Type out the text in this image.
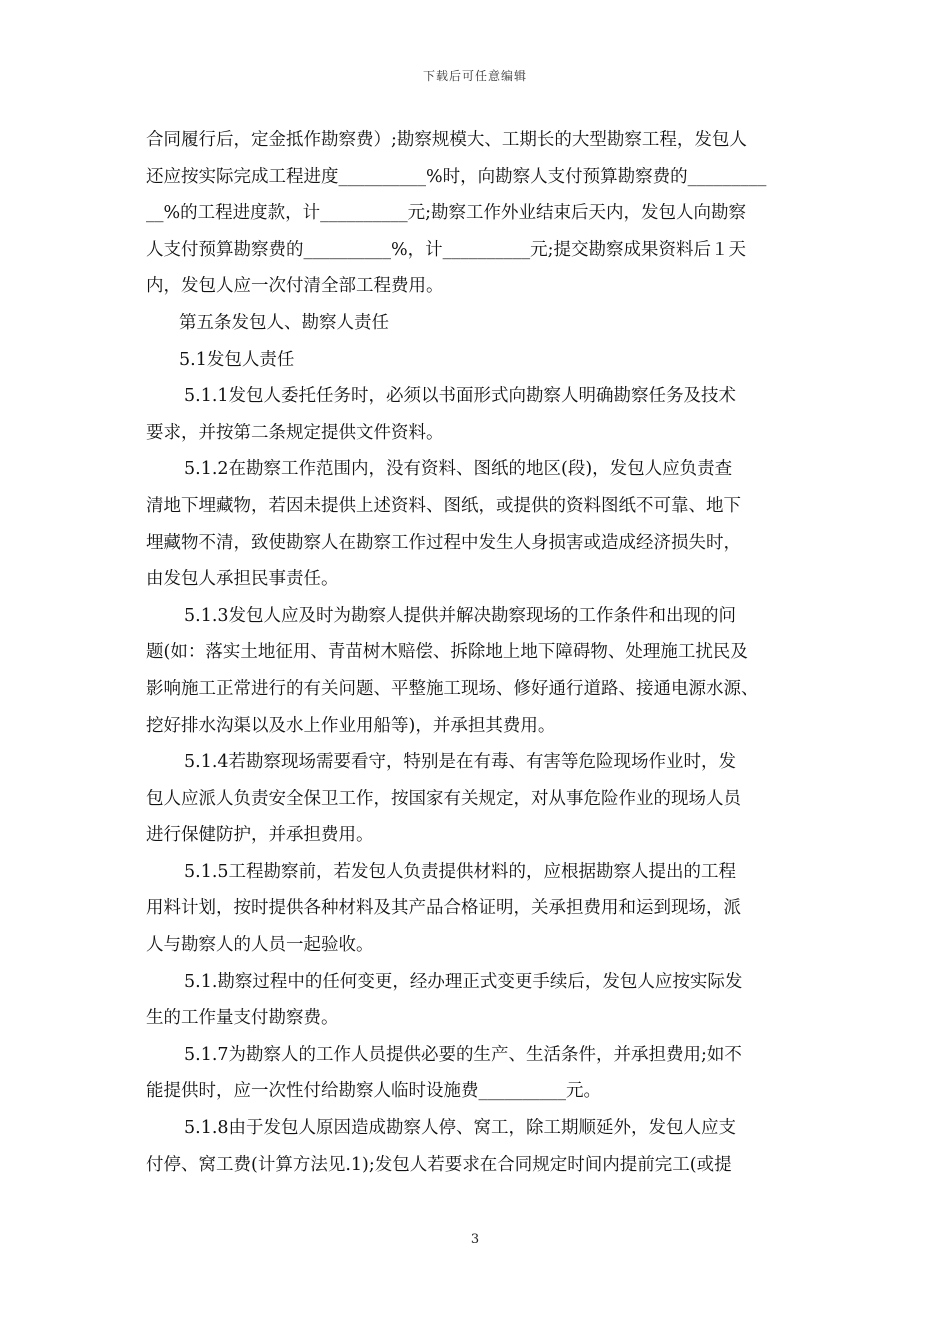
下载后可任意编辑
合同履行后，定金抵作勘察费）;勘察规模大、工期长的大型勘察工程，发包人
还应按实际完成工程进度__________%时，向勘察人支付预算勘察费的_________
__%的工程进度款，计__________元;勘察工作外业结束后天内，发包人向勘察
人支付预算勘察费的__________%，计__________元;提交勘察成果资料后１天
内，发包人应一次付清全部工程费用。
第五条发包人、勘察人责任
5.1发包人责任
5.1.1发包人委托任务时，必须以书面形式向勘察人明确勘察任务及技术
要求，并按第二条规定提供文件资料。
5.1.2在勘察工作范围内，没有资料、图纸的地区(段)，发包人应负责查
清地下埋藏物，若因未提供上述资料、图纸，或提供的资料图纸不可靠、地下
埋藏物不清，致使勘察人在勘察工作过程中发生人身损害或造成经济损失时，
由发包人承担民事责任。
5.1.3发包人应及时为勘察人提供并解决勘察现场的工作条件和出现的问
题(如：落实土地征用、青苗树木赔偿、拆除地上地下障碍物、处理施工扰民及
影响施工正常进行的有关问题、平整施工现场、修好通行道路、接通电源水源、
挖好排水沟渠以及水上作业用船等)，并承担其费用。
5.1.4若勘察现场需要看守，特别是在有毒、有害等危险现场作业时，发
包人应派人负责安全保卫工作，按国家有关规定，对从事危险作业的现场人员
进行保健防护，并承担费用。
5.1.5工程勘察前，若发包人负责提供材料的，应根据勘察人提出的工程
用料计划，按时提供各种材料及其产品合格证明，关承担费用和运到现场，派
人与勘察人的人员一起验收。
5.1.勘察过程中的任何变更，经办理正式变更手续后，发包人应按实际发
生的工作量支付勘察费。
5.1.7为勘察人的工作人员提供必要的生产、生活条件，并承担费用;如不
能提供时，应一次性付给勘察人临时设施费__________元。
5.1.8由于发包人原因造成勘察人停、窝工，除工期顺延外，发包人应支
付停、窝工费(计算方法见.1);发包人若要求在合同规定时间内提前完工(或提
3
